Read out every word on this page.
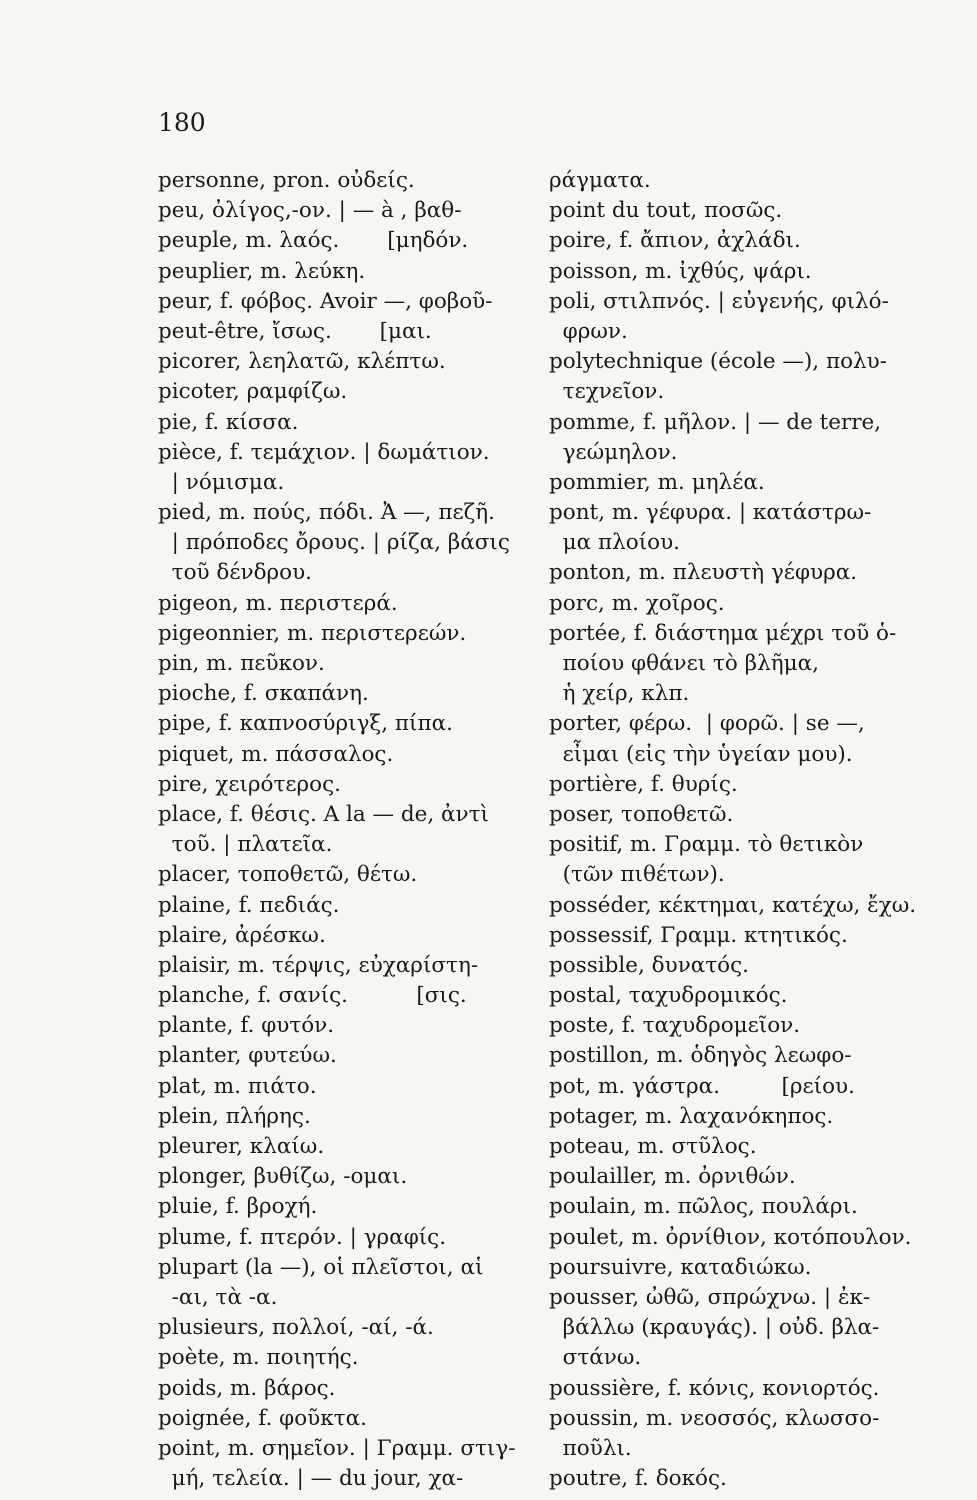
180
personne, pron. οὐδείς.
peu, ὀλίγος,-ον. | — à , βαθ-
peuple, m. λαός.       [μηδόν.
peuplier, m. λεύκη.
peur, f. φόβος. Avoir —, φοβοῦ-
peut-être, ἴσως.       [μαι.
picorer, λεηλατῶ, κλέπτω.
picoter, ραμφίζω.
pie, f. κίσσα.
pièce, f. τεμάχιον. | δωμάτιον.
| νόμισμα.
pied, m. πούς, πόδι. Ἀ —, πεζῆ.
| πρόποδες ὄρους. | ρίζα, βάσις
τοῦ δένδρου.
pigeon, m. περιστερά.
pigeonnier, m. περιστερεών.
pin, m. πεῦκον.
pioche, f. σκαπάνη.
pipe, f. καπνοσύριγξ, πίπα.
piquet, m. πάσσαλος.
pire, χειρότερος.
place, f. θέσις. A la — de, ἀντὶ
τοῦ. | πλατεῖα.
placer, τοποθετῶ, θέτω.
plaine, f. πεδιάς.
plaire, ἀρέσκω.
plaisir, m. τέρψις, εὐχαρίστη-
planche, f. σανίς.          [σις.
plante, f. φυτόν.
planter, φυτεύω.
plat, m. πιάτο.
plein, πλήρης.
pleurer, κλαίω.
plonger, βυθίζω, -ομαι.
pluie, f. βροχή.
plume, f. πτερόν. | γραφίς.
plupart (la —), οἱ πλεῖστοι, αἱ
-αι, τὰ -α.
plusieurs, πολλοί, -αί, -ά.
poète, m. ποιητής.
poids, m. βάρος.
poignée, f. φοῦκτα.
point, m. σημεῖον. | Γραμμ. στιγ-
μή, τελεία. | — du jour, χα-
ράγματα.
point du tout, ποσῶς.
poire, f. ἄπιον, ἀχλάδι.
poisson, m. ἰχθύς, ψάρι.
poli, στιλπνός. | εὐγενής, φιλό-
φρων.
polytechnique (école —), πολυ-
τεχνεῖον.
pomme, f. μῆλον. | — de terre,
γεώμηλον.
pommier, m. μηλέα.
pont, m. γέφυρα. | κατάστρω-
μα πλοίου.
ponton, m. πλευστὴ γέφυρα.
porc, m. χοῖρος.
portée, f. διάστημα μέχρι τοῦ ὁ-
ποίου φθάνει τὸ βλῆμα,
ἡ χείρ, κλπ.
porter, φέρω.  | φορῶ. | se —,
εἶμαι (εἰς τὴν ὑγείαν μου).
portière, f. θυρίς.
poser, τοποθετῶ.
positif, m. Γραμμ. τὸ θετικὸν
(τῶν πιθέτων).
posséder, κέκτημαι, κατέχω, ἔχω.
possessif, Γραμμ. κτητικός.
possible, δυνατός.
postal, ταχυδρομικός.
poste, f. ταχυδρομεῖον.
postillon, m. ὁδηγὸς λεωφο-
pot, m. γάστρα.         [ρείου.
potager, m. λαχανόκηπος.
poteau, m. στῦλος.
poulailler, m. ὀρνιθών.
poulain, m. πῶλος, πουλάρι.
poulet, m. ὀρνίθιον, κοτόπουλον.
poursuivre, καταδιώκω.
pousser, ὠθῶ, σπρώχνω. | ἐκ-
βάλλω (κραυγάς). | οὐδ. βλα-
στάνω.
poussière, f. κόνις, κονιορτός.
poussin, m. νεοσσός, κλωσσο-
ποῦλι.
poutre, f. δοκός.
